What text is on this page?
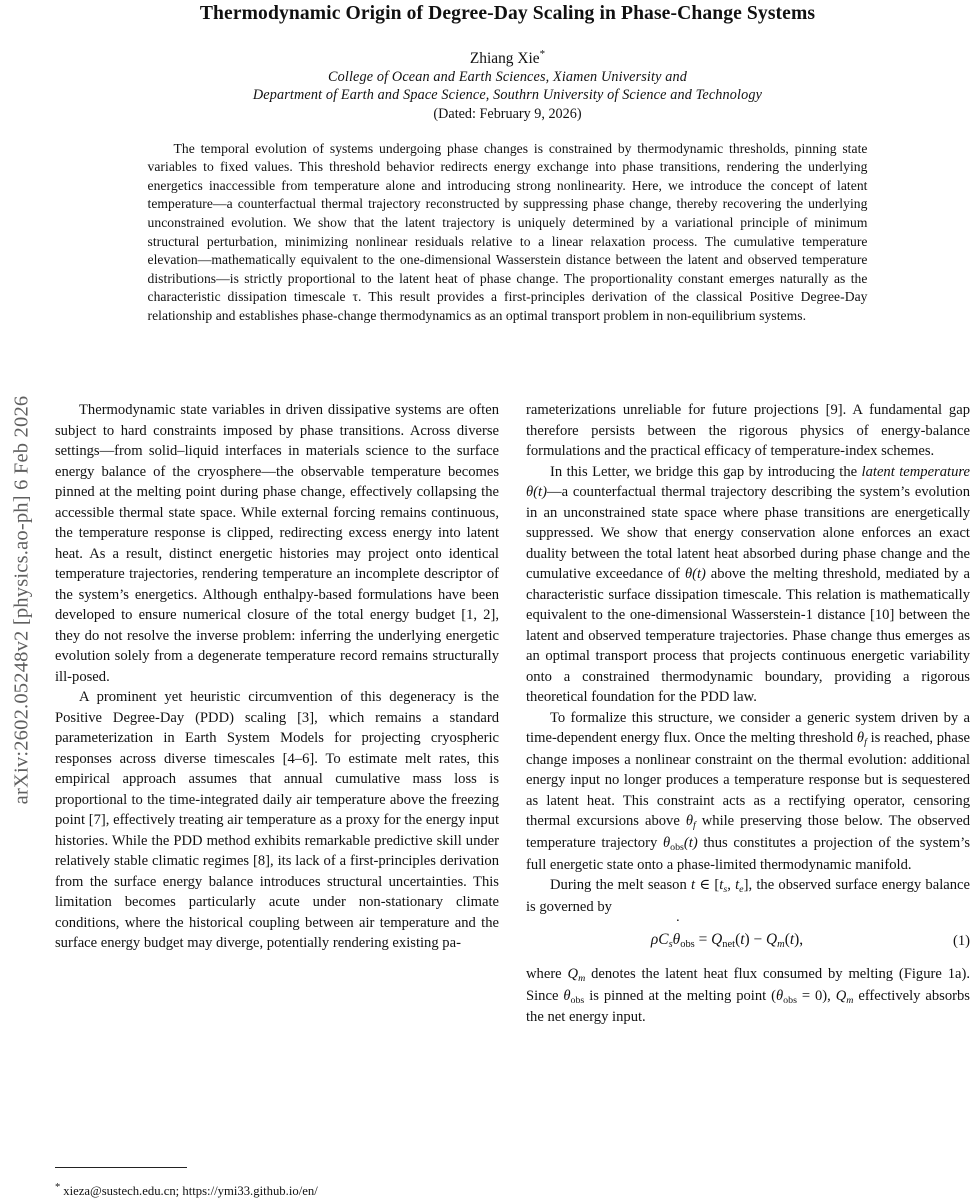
arXiv:2602.05248v2 [physics.ao-ph] 6 Feb 2026
Thermodynamic Origin of Degree-Day Scaling in Phase-Change Systems
Zhiang Xie*
College of Ocean and Earth Sciences, Xiamen University and
Department of Earth and Space Science, Southrn University of Science and Technology
(Dated: February 9, 2026)

The temporal evolution of systems undergoing phase changes is constrained by thermodynamic thresholds, pinning state variables to fixed values. This threshold behavior redirects energy exchange into phase transitions, rendering the underlying energetics inaccessible from temperature alone and introducing strong nonlinearity. Here, we introduce the concept of latent temperature—a counterfactual thermal trajectory reconstructed by suppressing phase change, thereby recovering the underlying unconstrained evolution. We show that the latent trajectory is uniquely determined by a variational principle of minimum structural perturbation, minimizing nonlinear residuals relative to a linear relaxation process. The cumulative temperature elevation—mathematically equivalent to the one-dimensional Wasserstein distance between the latent and observed temperature distributions—is strictly proportional to the latent heat of phase change. The proportionality constant emerges naturally as the characteristic dissipation timescale τ. This result provides a first-principles derivation of the classical Positive Degree-Day relationship and establishes phase-change thermodynamics as an optimal transport problem in non-equilibrium systems.

Thermodynamic state variables in driven dissipative systems are often subject to hard constraints imposed by phase transitions. Across diverse settings—from solid–liquid interfaces in materials science to the surface energy balance of the cryosphere—the observable temperature becomes pinned at the melting point during phase change, effectively collapsing the accessible thermal state space. While external forcing remains continuous, the temperature response is clipped, redirecting excess energy into latent heat. As a result, distinct energetic histories may project onto identical temperature trajectories, rendering temperature an incomplete descriptor of the system’s energetics. Although enthalpy-based formulations have been developed to ensure numerical closure of the total energy budget [1, 2], they do not resolve the inverse problem: inferring the underlying energetic evolution solely from a degenerate temperature record remains structurally ill-posed.

A prominent yet heuristic circumvention of this degeneracy is the Positive Degree-Day (PDD) scaling [3], which remains a standard parameterization in Earth System Models for projecting cryospheric responses across diverse timescales [4–6]. To estimate melt rates, this empirical approach assumes that annual cumulative mass loss is proportional to the time-integrated daily air temperature above the freezing point [7], effectively treating air temperature as a proxy for the energy input histories. While the PDD method exhibits remarkable predictive skill under relatively stable climatic regimes [8], its lack of a first-principles derivation from the surface energy balance introduces structural uncertainties. This limitation becomes particularly acute under non-stationary climate conditions, where the historical coupling between air temperature and the surface energy budget may diverge, potentially rendering existing pa-

* xieza@sustech.edu.cn; https://ymi33.github.io/en/

rameterizations unreliable for future projections [9]. A fundamental gap therefore persists between the rigorous physics of energy-balance formulations and the practical efficacy of temperature-index schemes.

In this Letter, we bridge this gap by introducing the latent temperature θ(t)—a counterfactual thermal trajectory describing the system’s evolution in an unconstrained state space where phase transitions are energetically suppressed. We show that energy conservation alone enforces an exact duality between the total latent heat absorbed during phase change and the cumulative exceedance of θ(t) above the melting threshold, mediated by a characteristic surface dissipation timescale. This relation is mathematically equivalent to the one-dimensional Wasserstein-1 distance [10] between the latent and observed temperature trajectories. Phase change thus emerges as an optimal transport process that projects continuous energetic variability onto a constrained thermodynamic boundary, providing a rigorous theoretical foundation for the PDD law.

To formalize this structure, we consider a generic system driven by a time-dependent energy flux. Once the melting threshold θf is reached, phase change imposes a nonlinear constraint on the thermal evolution: additional energy input no longer produces a temperature response but is sequestered as latent heat. This constraint acts as a rectifying operator, censoring thermal excursions above θf while preserving those below. The observed temperature trajectory $\theta_{obs}(t)$ thus constitutes a projection of the system’s full energetic state onto a phase-limited thermodynamic manifold.

During the melt season t ∈ [ts, te], the observed surface energy balance is governed by

ρCsθ $˙_{obs} = Q_{net}(t) - Qm(t)$,	(1)

where Qm denotes the latent heat flux consumed by melting (Figure 1a). Since $\theta_{obs}$ is pinned at the melting point (θ $˙_{obs} = 0$), Qm effectively absorbs the net energy input.
